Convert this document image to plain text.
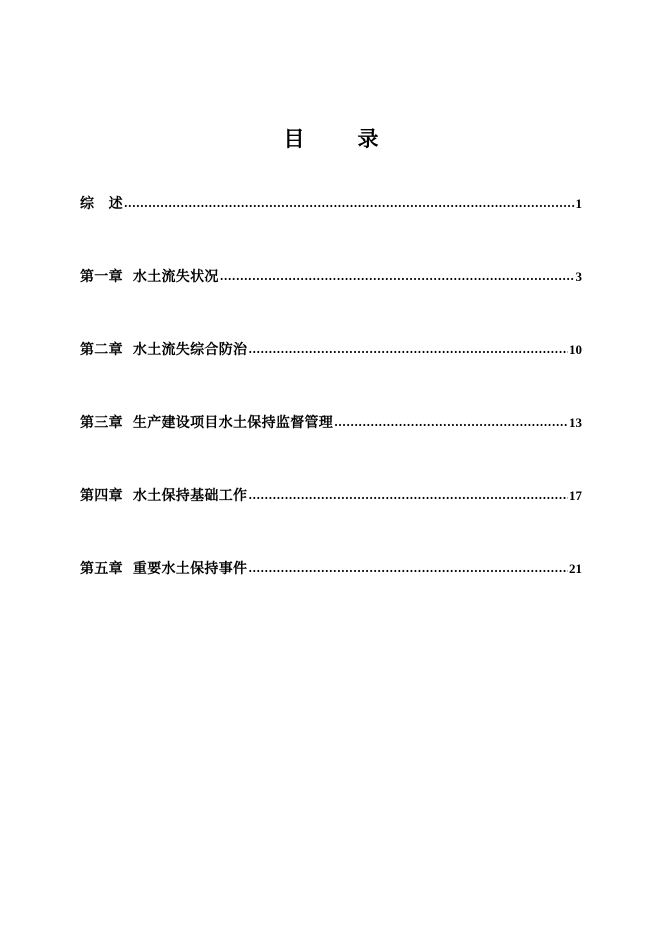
目　录
综　述 .....	1
第一章 水土流失状况 .....	3
第二章 水土流失综合防治 .....	10
第三章 生产建设项目水土保持监督管理 .....	13
第四章 水土保持基础工作 .....	17
第五章 重要水土保持事件 .....	21
